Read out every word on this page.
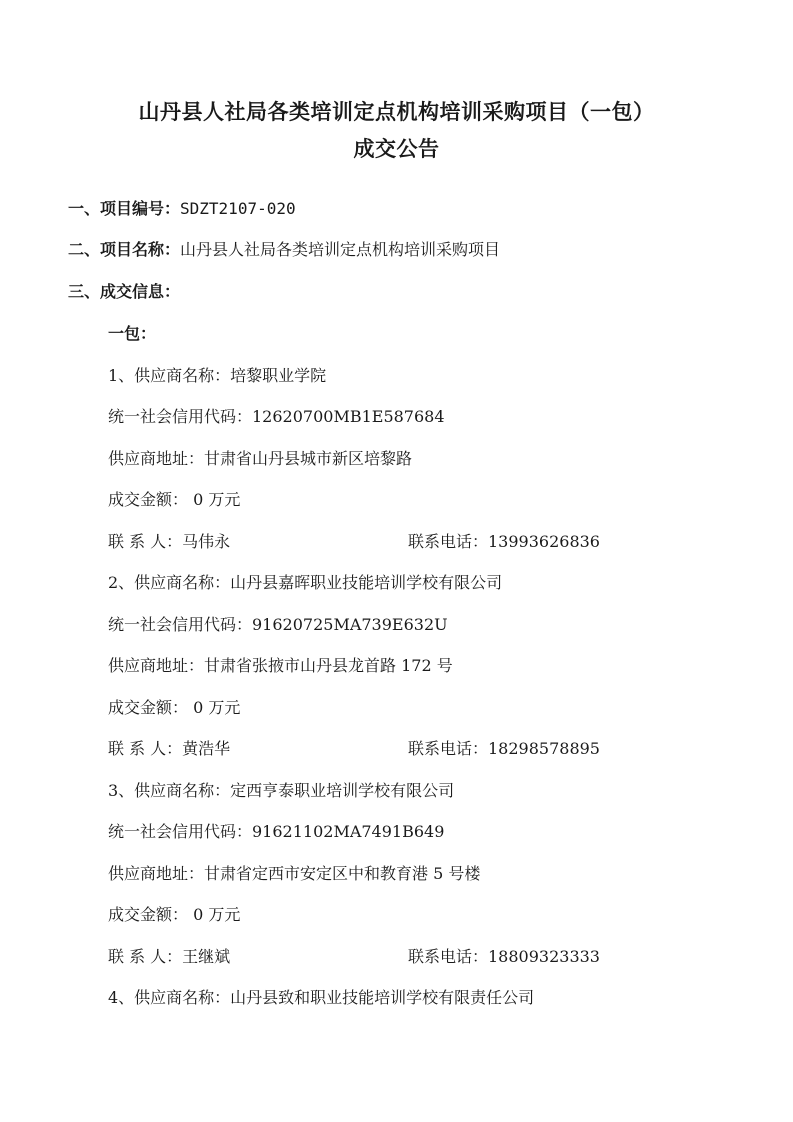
山丹县人社局各类培训定点机构培训采购项目（一包）
成交公告
一、项目编号：SDZT2107-020
二、项目名称：山丹县人社局各类培训定点机构培训采购项目
三、成交信息：
一包：
1、供应商名称：培黎职业学院
统一社会信用代码：12620700MB1E587684
供应商地址：甘肃省山丹县城市新区培黎路
成交金额： 0 万元
联 系 人：马伟永	联系电话：13993626836
2、供应商名称：山丹县嘉晖职业技能培训学校有限公司
统一社会信用代码：91620725MA739E632U
供应商地址：甘肃省张掖市山丹县龙首路 172 号
成交金额： 0 万元
联 系 人：黄浩华	联系电话：18298578895
3、供应商名称：定西亨泰职业培训学校有限公司
统一社会信用代码：91621102MA7491B649
供应商地址：甘肃省定西市安定区中和教育港 5 号楼
成交金额： 0 万元
联 系 人：王继斌	联系电话：18809323333
4、供应商名称：山丹县致和职业技能培训学校有限责任公司
